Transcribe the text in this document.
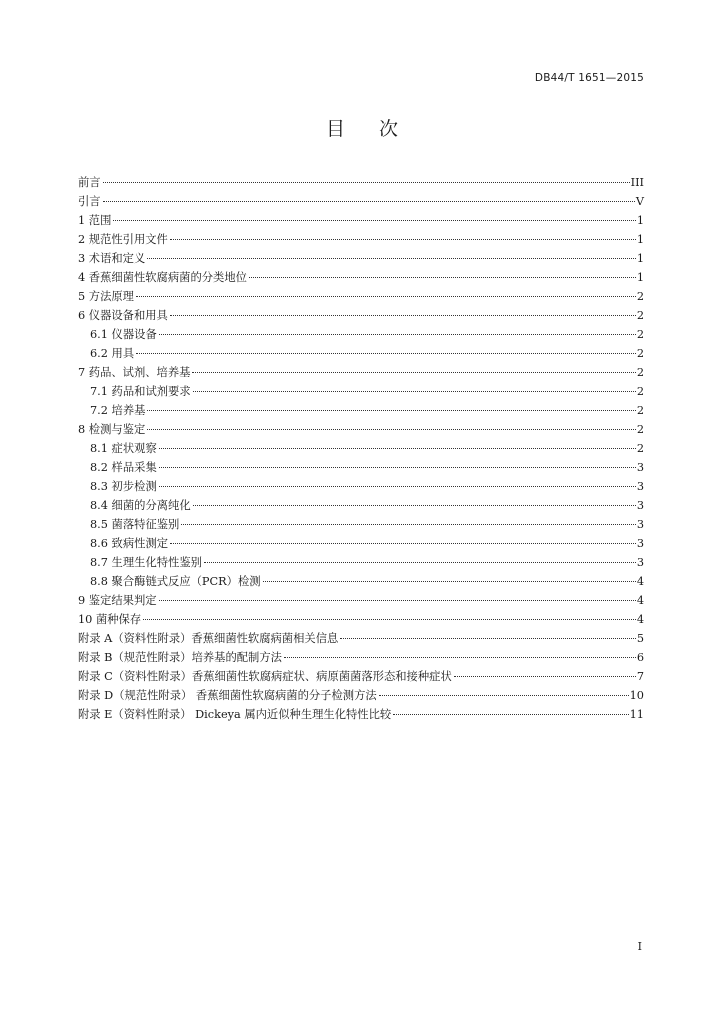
DB44/T 1651—2015
目 次
前言	III
引言	V
1 范围	1
2 规范性引用文件	1
3 术语和定义	1
4 香蕉细菌性软腐病菌的分类地位	1
5 方法原理	2
6 仪器设备和用具	2
6.1 仪器设备	2
6.2 用具	2
7 药品、试剂、培养基	2
7.1 药品和试剂要求	2
7.2 培养基	2
8 检测与鉴定	2
8.1 症状观察	2
8.2 样品采集	3
8.3 初步检测	3
8.4 细菌的分离纯化	3
8.5 菌落特征鉴别	3
8.6 致病性测定	3
8.7 生理生化特性鉴别	3
8.8 聚合酶链式反应（PCR）检测	4
9 鉴定结果判定	4
10 菌种保存	4
附录 A（资料性附录）香蕉细菌性软腐病菌相关信息	5
附录 B（规范性附录）培养基的配制方法	6
附录 C（资料性附录）香蕉细菌性软腐病症状、病原菌菌落形态和接种症状	7
附录 D（规范性附录） 香蕉细菌性软腐病菌的分子检测方法	10
附录 E（资料性附录） Dickeya 属内近似种生理生化特性比较	11
I
